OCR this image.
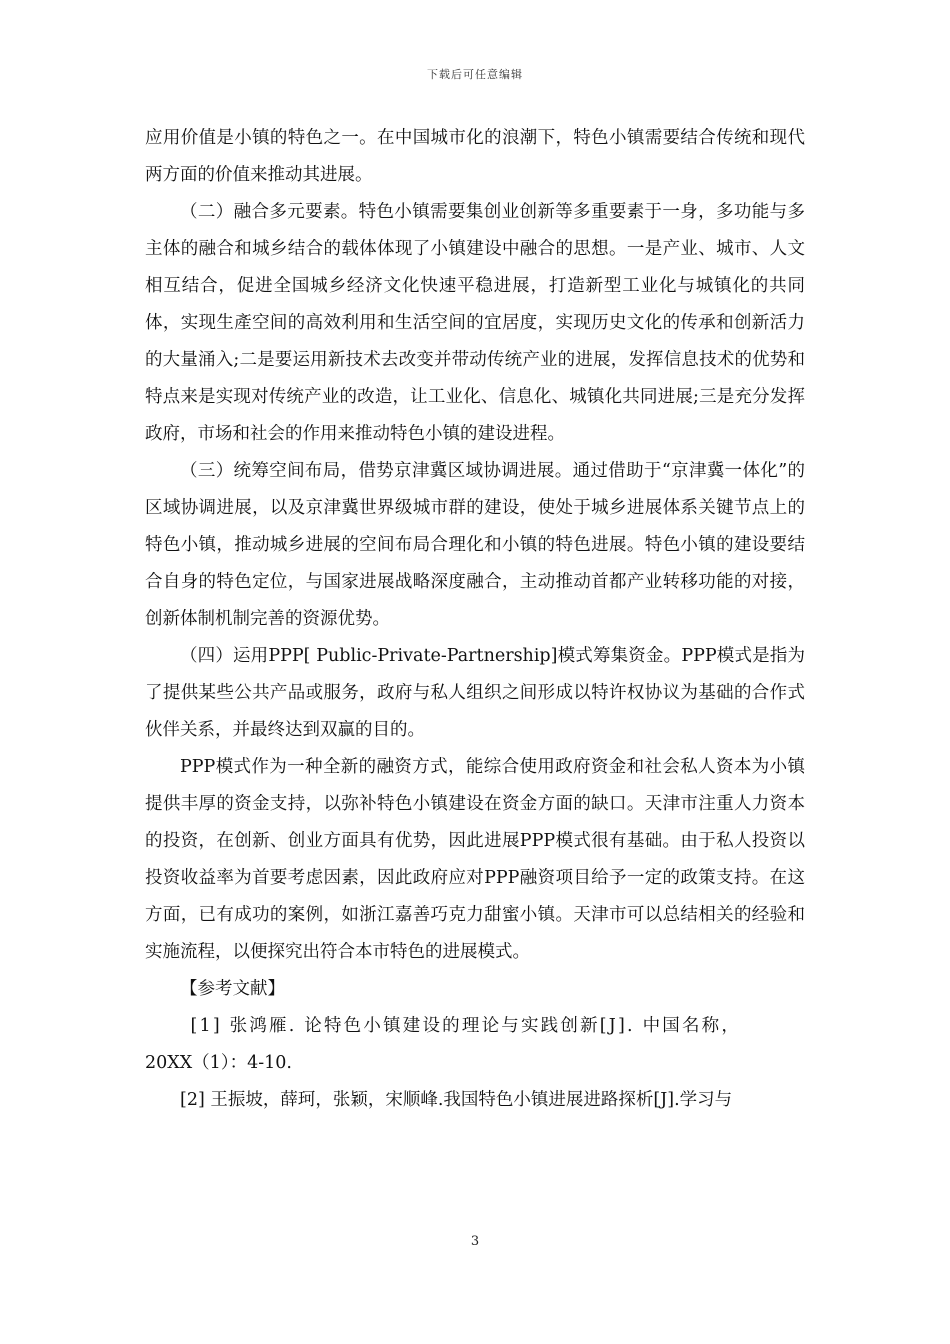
下载后可任意编辑

应用价值是小镇的特色之一。在中国城市化的浪潮下，特色小镇需要结合传统和现代两方面的价值来推动其进展。

（二）融合多元要素。特色小镇需要集创业创新等多重要素于一身，多功能与多主体的融合和城乡结合的载体体现了小镇建设中融合的思想。一是产业、城市、人文相互结合，促进全国城乡经济文化快速平稳进展，打造新型工业化与城镇化的共同体，实现生產空间的高效利用和生活空间的宜居度，实现历史文化的传承和创新活力的大量涌入;二是要运用新技术去改变并带动传统产业的进展，发挥信息技术的优势和特点来是实现对传统产业的改造，让工业化、信息化、城镇化共同进展;三是充分发挥政府，市场和社会的作用来推动特色小镇的建设进程。

（三）统筹空间布局，借势京津冀区域协调进展。通过借助于“京津冀一体化”的区域协调进展，以及京津冀世界级城市群的建设，使处于城乡进展体系关键节点上的特色小镇，推动城乡进展的空间布局合理化和小镇的特色进展。特色小镇的建设要结合自身的特色定位，与国家进展战略深度融合，主动推动首都产业转移功能的对接，创新体制机制完善的资源优势。

（四）运用PPP[ Public-Private-Partnership]模式筹集资金。PPP模式是指为了提供某些公共产品或服务，政府与私人组织之间形成以特许权协议为基础的合作式伙伴关系，并最终达到双赢的目的。

PPP模式作为一种全新的融资方式，能综合使用政府资金和社会私人资本为小镇提供丰厚的资金支持，以弥补特色小镇建设在资金方面的缺口。天津市注重人力资本的投资，在创新、创业方面具有优势，因此进展PPP模式很有基础。由于私人投资以投资收益率为首要考虑因素，因此政府应对PPP融资项目给予一定的政策支持。在这方面，已有成功的案例，如浙江嘉善巧克力甜蜜小镇。天津市可以总结相关的经验和实施流程，以便探究出符合本市特色的进展模式。

【参考文献】

[1] 张鸿雁. 论特色小镇建设的理论与实践创新[J]. 中国名称，
20XX（1）：4-10.

[2] 王振坡，薛珂，张颖，宋顺峰.我国特色小镇进展进路探析[J].学习与

3
